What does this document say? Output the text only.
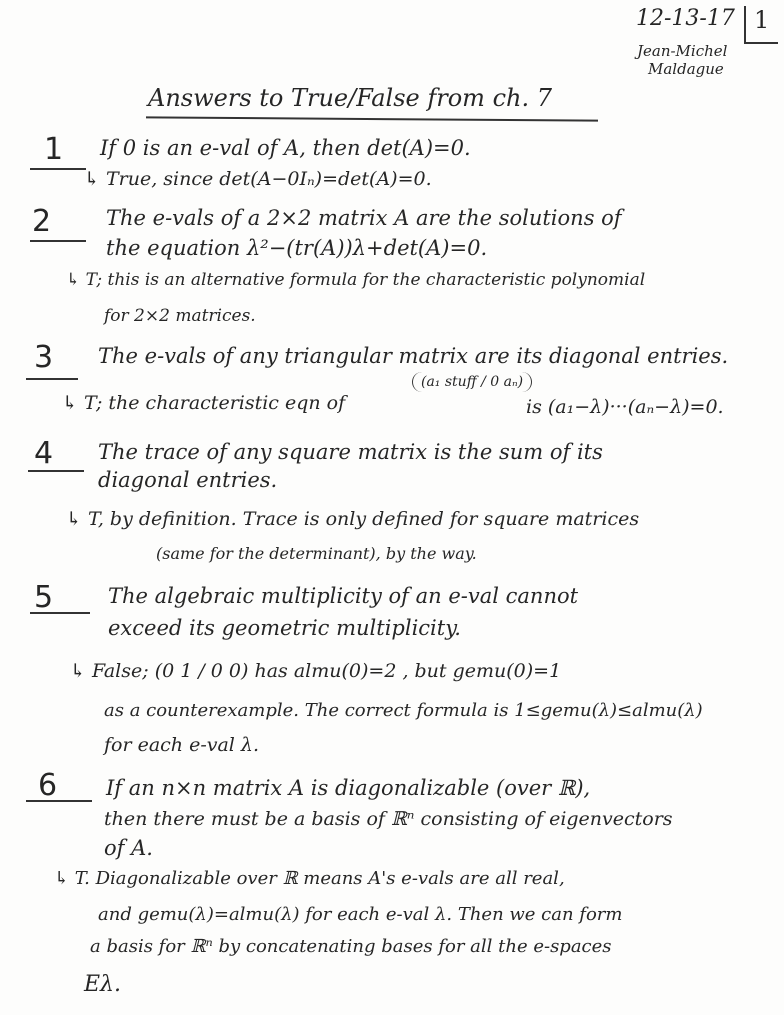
12-13-17 1
Jean-Michel
Maldague
Answers to True/False from ch. 7
1 If 0 is an e-val of A, then det(A)=0.
↳ True, since det(A−0Iₙ)=det(A)=0.
2	The e-vals of a 2×2 matrix A are the solutions of
the equation λ²−(tr(A))λ+det(A)=0.
↳ T; this is an alternative formula for the characteristic polynomial
for 2×2 matrices.
3 The e-vals of any triangular matrix are its diagonal entries.
↳ T; the characteristic eqn of
(a₁ stuff / 0 aₙ)
is (a₁−λ)···(aₙ−λ)=0.
4 The trace of any square matrix is the sum of its
diagonal entries.
↳ T, by definition. Trace is only defined for square matrices
(same for the determinant), by the way.
5	The algebraic multiplicity of an e-val cannot
exceed its geometric multiplicity.
↳ False; (0 1 / 0 0) has almu(0)=2 , but gemu(0)=1
as a counterexample. The correct formula is 1≤gemu(λ)≤almu(λ)
for each e-val λ.
6 If an n×n matrix A is diagonalizable (over ℝ),
then there must be a basis of ℝⁿ consisting of eigenvectors
of A.
↳ T. Diagonalizable over ℝ means A's e-vals are all real,
and gemu(λ)=almu(λ) for each e-val λ. Then we can form
a basis for ℝⁿ by concatenating bases for all the e-spaces
Eλ.
